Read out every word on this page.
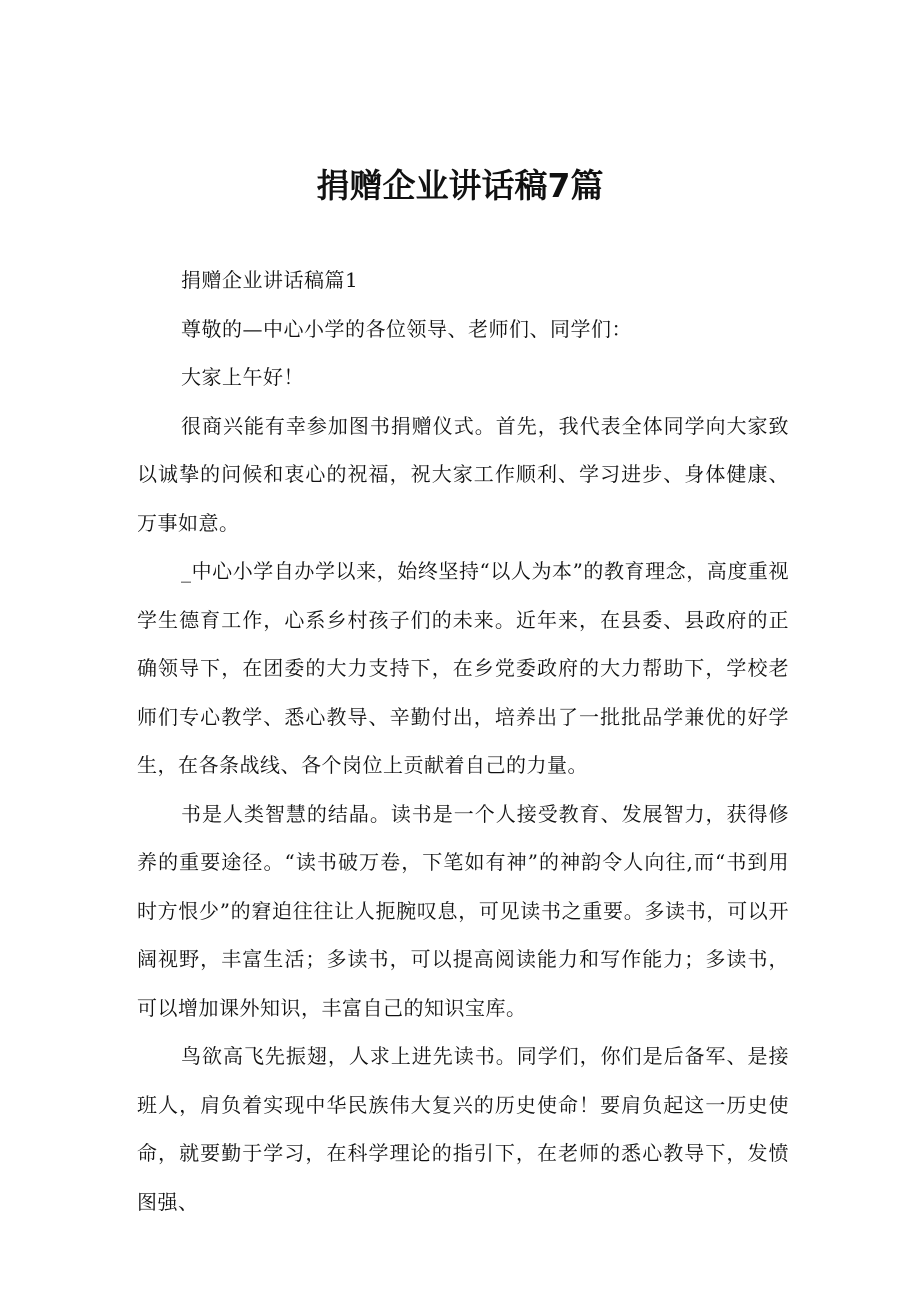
捐赠企业讲话稿7篇

捐赠企业讲话稿篇1

尊敬的—中心小学的各位领导、老师们、同学们：

大家上午好！

很商兴能有幸参加图书捐赠仪式。首先，我代表全体同学向大家致以诚挚的问候和衷心的祝福，祝大家工作顺利、学习进步、身体健康、万事如意。

_中心小学自办学以来，始终坚持“以人为本”的教育理念，高度重视学生德育工作，心系乡村孩子们的未来。近年来，在县委、县政府的正确领导下，在团委的大力支持下，在乡党委政府的大力帮助下，学校老师们专心教学、悉心教导、辛勤付出，培养出了一批批品学兼优的好学生，在各条战线、各个岗位上贡献着自己的力量。

书是人类智慧的结晶。读书是一个人接受教育、发展智力，获得修养的重要途径。“读书破万卷，下笔如有神”的神韵令人向往,而“书到用时方恨少”的窘迫往往让人扼腕叹息，可见读书之重要。多读书，可以开阔视野，丰富生活；多读书，可以提高阅读能力和写作能力；多读书，可以增加课外知识，丰富自己的知识宝库。

鸟欲高飞先振翅，人求上进先读书。同学们，你们是后备军、是接班人，肩负着实现中华民族伟大复兴的历史使命！要肩负起这一历史使命，就要勤于学习，在科学理论的指引下，在老师的悉心教导下，发愤图强、
